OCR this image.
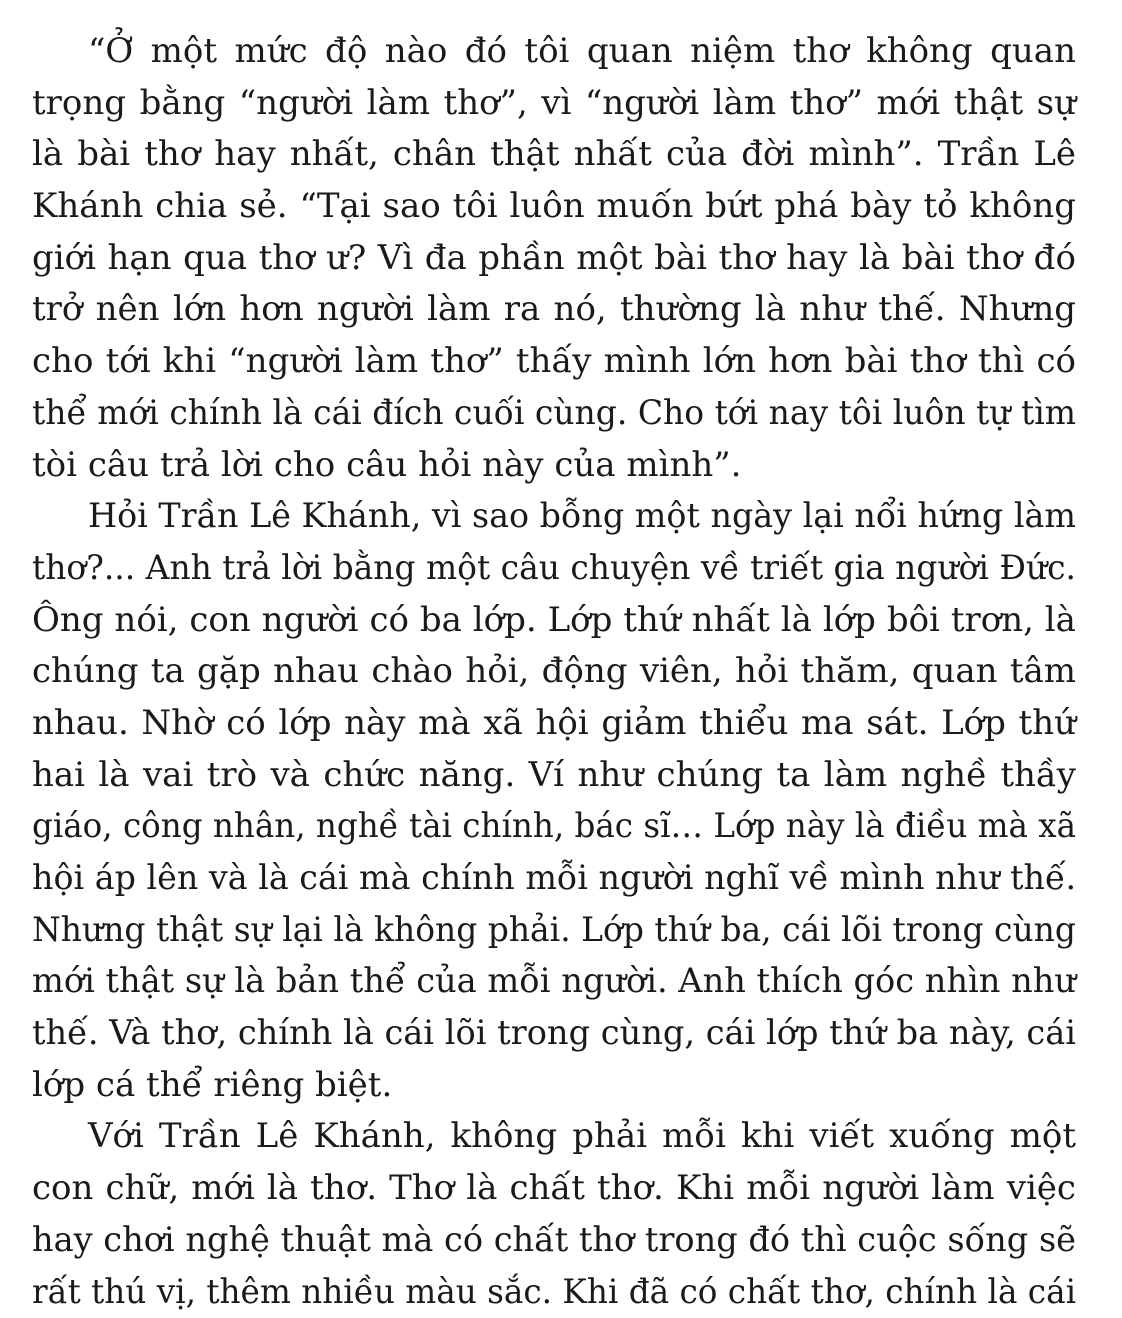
“Ở một mức độ nào đó tôi quan niệm thơ không quan
trọng bằng “người làm thơ”, vì “người làm thơ” mới thật sự
là bài thơ hay nhất, chân thật nhất của đời mình”. Trần Lê
Khánh chia sẻ. “Tại sao tôi luôn muốn bứt phá bày tỏ không
giới hạn qua thơ ư? Vì đa phần một bài thơ hay là bài thơ đó
trở nên lớn hơn người làm ra nó, thường là như thế. Nhưng
cho tới khi “người làm thơ” thấy mình lớn hơn bài thơ thì có
thể mới chính là cái đích cuối cùng. Cho tới nay tôi luôn tự tìm
tòi câu trả lời cho câu hỏi này của mình”.

Hỏi Trần Lê Khánh, vì sao bỗng một ngày lại nổi hứng làm
thơ?... Anh trả lời bằng một câu chuyện về triết gia người Đức.
Ông nói, con người có ba lớp. Lớp thứ nhất là lớp bôi trơn, là
chúng ta gặp nhau chào hỏi, động viên, hỏi thăm, quan tâm
nhau. Nhờ có lớp này mà xã hội giảm thiểu ma sát. Lớp thứ
hai là vai trò và chức năng. Ví như chúng ta làm nghề thầy
giáo, công nhân, nghề tài chính, bác sĩ… Lớp này là điều mà xã
hội áp lên và là cái mà chính mỗi người nghĩ về mình như thế.
Nhưng thật sự lại là không phải. Lớp thứ ba, cái lõi trong cùng
mới thật sự là bản thể của mỗi người. Anh thích góc nhìn như
thế. Và thơ, chính là cái lõi trong cùng, cái lớp thứ ba này, cái
lớp cá thể riêng biệt.

Với Trần Lê Khánh, không phải mỗi khi viết xuống một
con chữ, mới là thơ. Thơ là chất thơ. Khi mỗi người làm việc
hay chơi nghệ thuật mà có chất thơ trong đó thì cuộc sống sẽ
rất thú vị, thêm nhiều màu sắc. Khi đã có chất thơ, chính là cái
